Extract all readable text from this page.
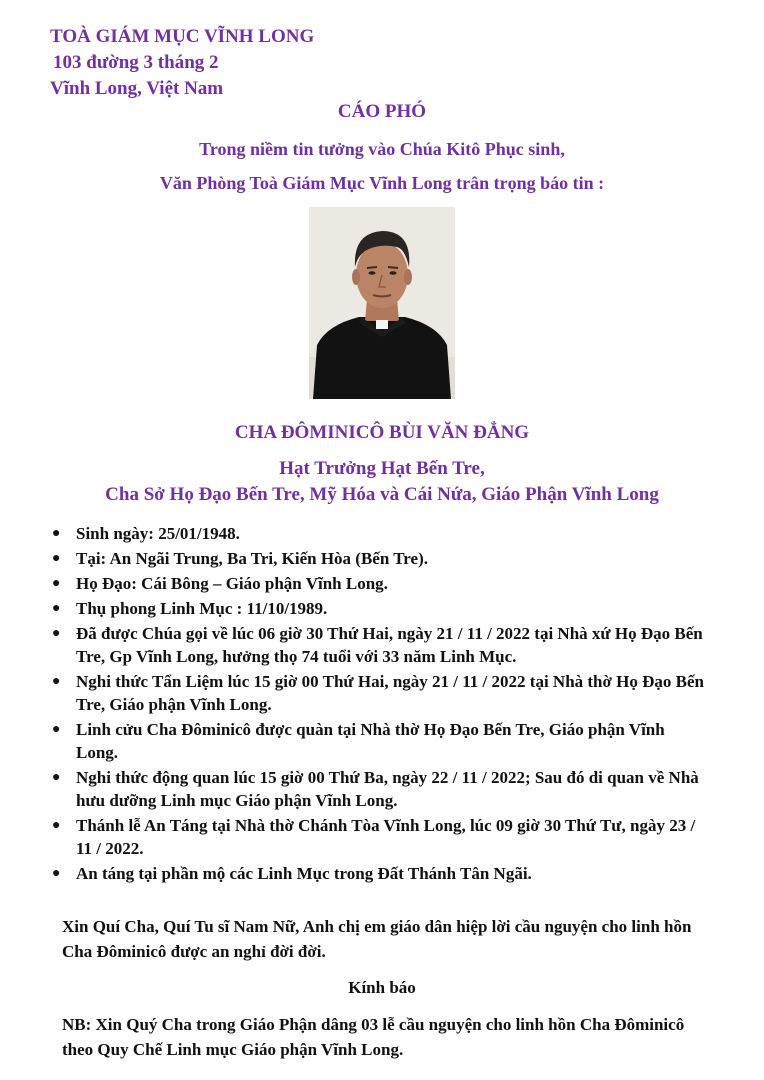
TOÀ GIÁM MỤC VĨNH LONG
103 đường 3 tháng 2
Vĩnh Long, Việt Nam
CÁO PHÓ
Trong niềm tin tưởng vào Chúa Kitô Phục sinh,
Văn Phòng Toà Giám Mục Vĩnh Long trân trọng báo tin :
CHA ĐÔMINICÔ BÙI VĂN ĐẲNG
Hạt Trưởng Hạt Bến Tre,
Cha Sở Họ Đạo Bến Tre, Mỹ Hóa và Cái Nứa, Giáo Phận Vĩnh Long
● Sinh ngày: 25/01/1948.
● Tại: An Ngãi Trung, Ba Tri, Kiến Hòa (Bến Tre).
● Họ Đạo: Cái Bông – Giáo phận Vĩnh Long.
● Thụ phong Linh Mục : 11/10/1989.
● Đã được Chúa gọi về lúc 06 giờ 30 Thứ Hai, ngày 21 / 11 / 2022 tại Nhà xứ Họ Đạo Bến Tre, Gp Vĩnh Long, hưởng thọ 74 tuổi với 33 năm Linh Mục.
● Nghi thức Tẩn Liệm lúc 15 giờ 00 Thứ Hai, ngày 21 / 11 / 2022 tại Nhà thờ Họ Đạo Bến Tre, Giáo phận Vĩnh Long.
● Linh cửu Cha Đôminicô được quàn tại Nhà thờ Họ Đạo Bến Tre, Giáo phận Vĩnh Long.
● Nghi thức động quan lúc 15 giờ 00 Thứ Ba, ngày 22 / 11 / 2022; Sau đó di quan về Nhà hưu dưỡng Linh mục Giáo phận Vĩnh Long.
● Thánh lễ An Táng tại Nhà thờ Chánh Tòa Vĩnh Long, lúc 09 giờ 30 Thứ Tư, ngày 23 / 11 / 2022.
● An táng tại phần mộ các Linh Mục trong Đất Thánh Tân Ngãi.
Xin Quí Cha, Quí Tu sĩ Nam Nữ, Anh chị em giáo dân hiệp lời cầu nguyện cho linh hồn Cha Đôminicô được an nghỉ đời đời.
Kính báo
NB: Xin Quý Cha trong Giáo Phận dâng 03 lễ cầu nguyện cho linh hồn Cha Đôminicô theo Quy Chế Linh mục Giáo phận Vĩnh Long.
